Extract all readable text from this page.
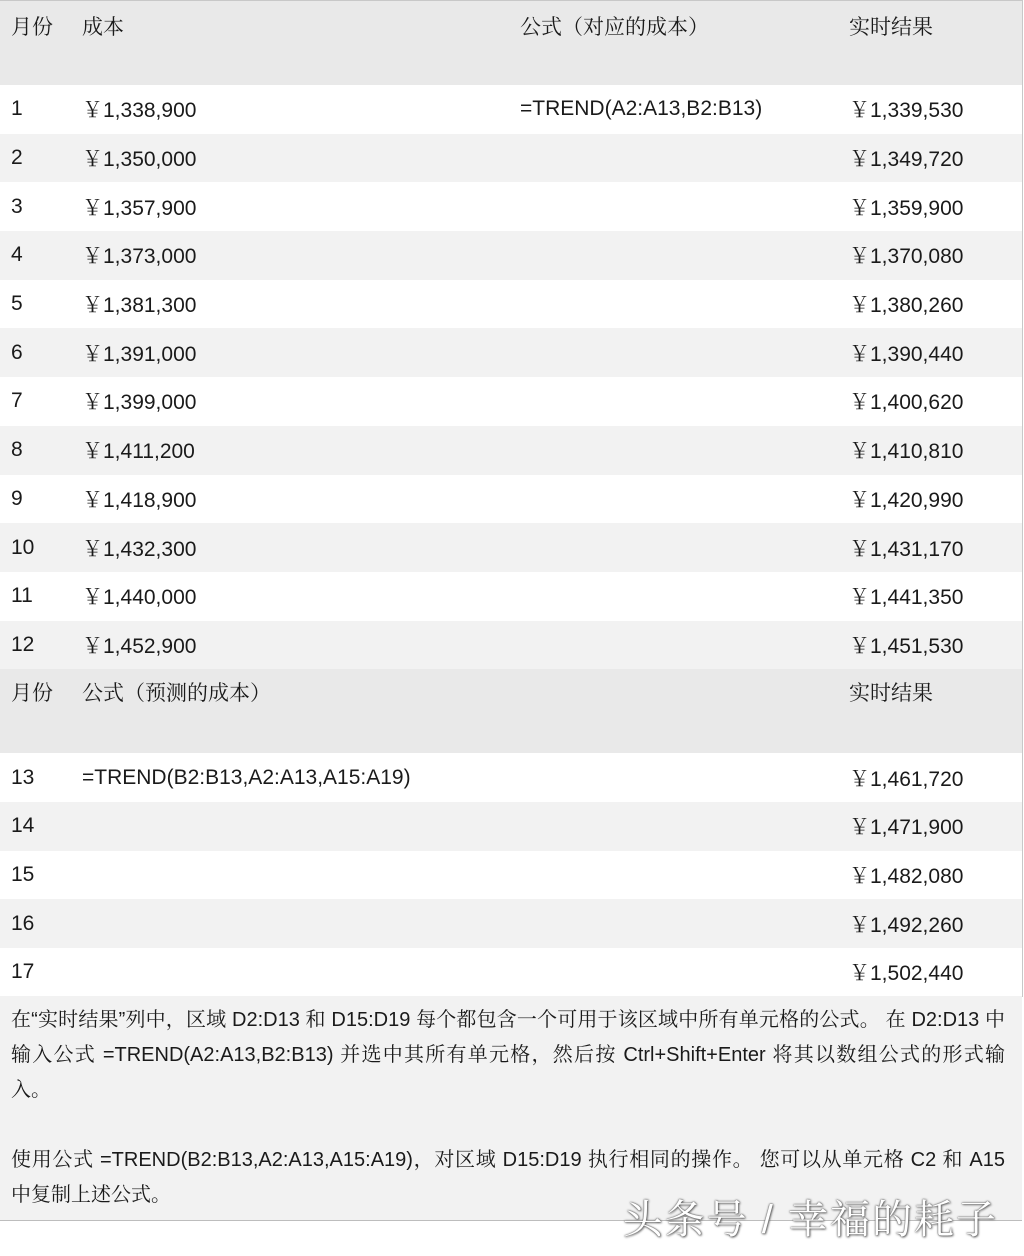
月份	成本	公式（对应的成本）	实时结果
1	￥1,338,900	=TREND(A2:A13,B2:B13)	￥1,339,530
2	￥1,350,000		￥1,349,720
3	￥1,357,900		￥1,359,900
4	￥1,373,000		￥1,370,080
5	￥1,381,300		￥1,380,260
6	￥1,391,000		￥1,390,440
7	￥1,399,000		￥1,400,620
8	￥1,411,200		￥1,410,810
9	￥1,418,900		￥1,420,990
10	￥1,432,300		￥1,431,170
11	￥1,440,000		￥1,441,350
12	￥1,452,900		￥1,451,530
月份	公式（预测的成本）		实时结果
13	=TREND(B2:B13,A2:A13,A15:A19)		￥1,461,720
14			￥1,471,900
15			￥1,482,080
16			￥1,492,260
17			￥1,502,440

在“实时结果”列中，区域 D2:D13 和 D15:D19 每个都包含一个可用于该区域中所有单元格的公式。 在 D2:D13 中输入公式 =TREND(A2:A13,B2:B13) 并选中其所有单元格，然后按 Ctrl+Shift+Enter 将其以数组公式的形式输入。

使用公式 =TREND(B2:B13,A2:A13,A15:A19)，对区域 D15:D19 执行相同的操作。 您可以从单元格 C2 和 A15 中复制上述公式。

头条号 / 幸福的耗子
